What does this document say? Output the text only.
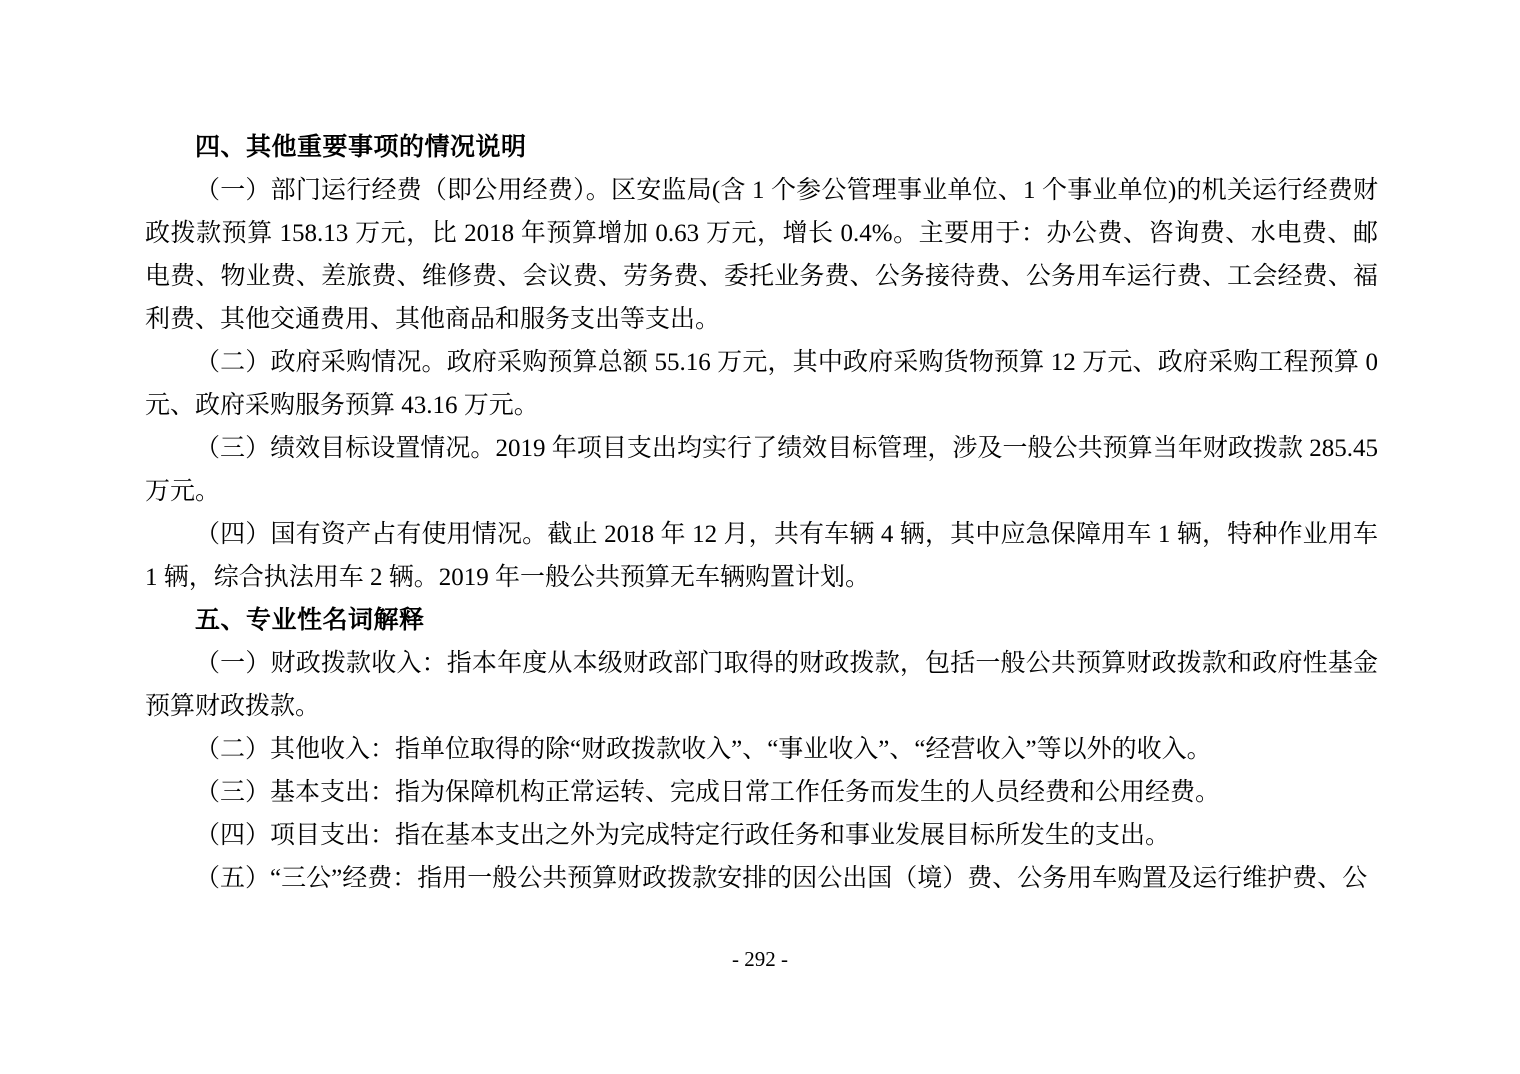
四、其他重要事项的情况说明

（一）部门运行经费（即公用经费）。区安监局(含 1 个参公管理事业单位、1 个事业单位)的机关运行经费财政拨款预算 158.13 万元，比 2018 年预算增加 0.63 万元，增长 0.4%。主要用于：办公费、咨询费、水电费、邮电费、物业费、差旅费、维修费、会议费、劳务费、委托业务费、公务接待费、公务用车运行费、工会经费、福利费、其他交通费用、其他商品和服务支出等支出。

（二）政府采购情况。政府采购预算总额 55.16 万元，其中政府采购货物预算 12 万元、政府采购工程预算 0 元、政府采购服务预算 43.16 万元。

（三）绩效目标设置情况。2019 年项目支出均实行了绩效目标管理，涉及一般公共预算当年财政拨款 285.45 万元。

（四）国有资产占有使用情况。截止 2018 年 12 月，共有车辆 4 辆，其中应急保障用车 1 辆，特种作业用车 1 辆，综合执法用车 2 辆。2019 年一般公共预算无车辆购置计划。

五、专业性名词解释

（一）财政拨款收入：指本年度从本级财政部门取得的财政拨款，包括一般公共预算财政拨款和政府性基金预算财政拨款。

（二）其他收入：指单位取得的除“财政拨款收入”、“事业收入”、“经营收入”等以外的收入。

（三）基本支出：指为保障机构正常运转、完成日常工作任务而发生的人员经费和公用经费。

（四）项目支出：指在基本支出之外为完成特定行政任务和事业发展目标所发生的支出。

（五）“三公”经费：指用一般公共预算财政拨款安排的因公出国（境）费、公务用车购置及运行维护费、公

- 292 -
